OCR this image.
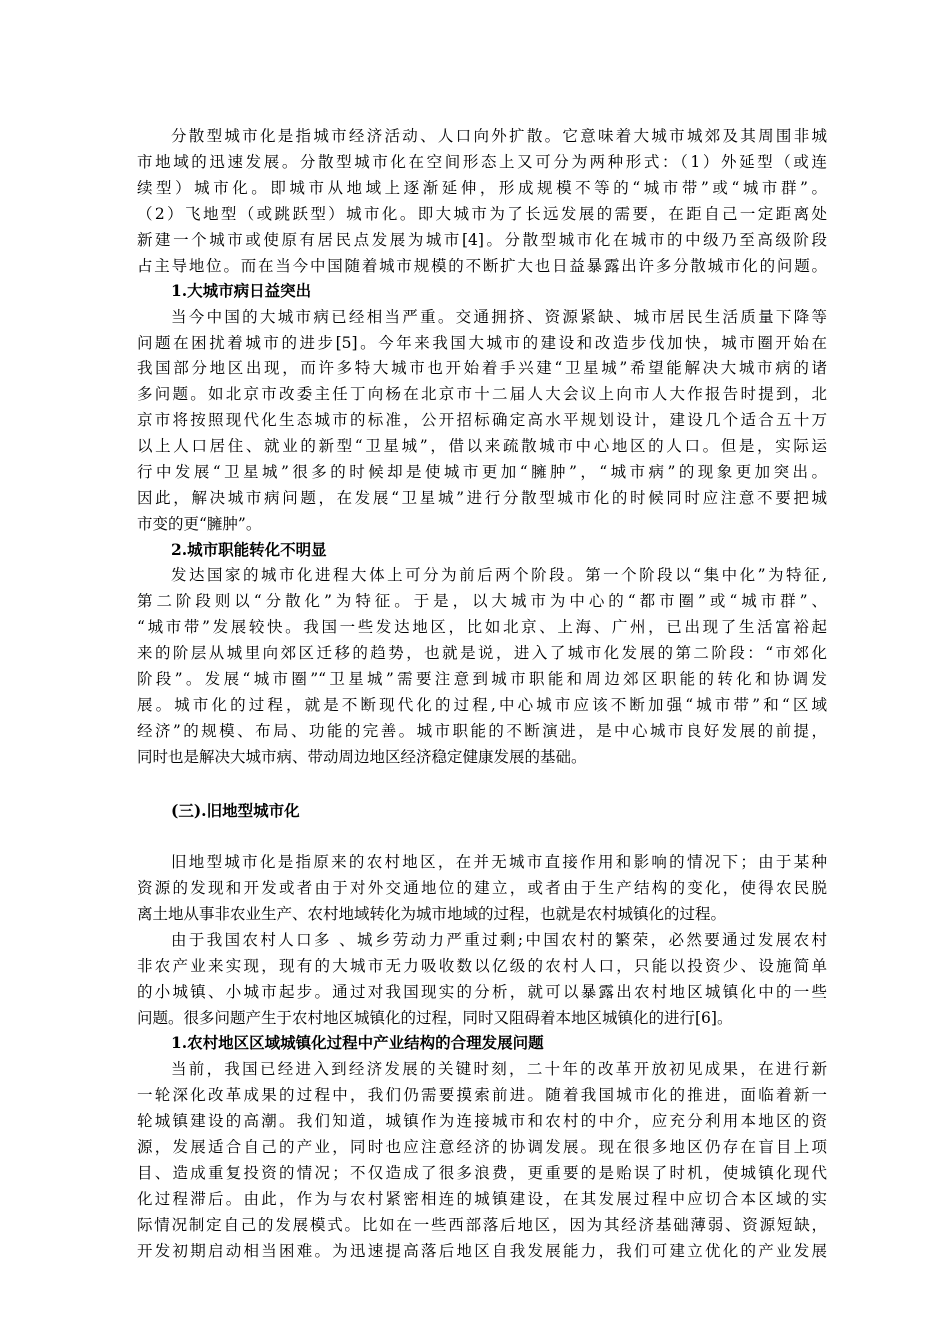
分散型城市化是指城市经济活动、人口向外扩散。它意味着大城市城郊及其周围非城
市地域的迅速发展。分散型城市化在空间形态上又可分为两种形式：（1）外延型（或连
续型）城市化。即城市从地域上逐渐延伸，形成规模不等的“城市带”或“城市群”。
（2）飞地型（或跳跃型）城市化。即大城市为了长远发展的需要，在距自己一定距离处
新建一个城市或使原有居民点发展为城市[4]。分散型城市化在城市的中级乃至高级阶段
占主导地位。而在当今中国随着城市规模的不断扩大也日益暴露出许多分散城市化的问题。
1.大城市病日益突出
当今中国的大城市病已经相当严重。交通拥挤、资源紧缺、城市居民生活质量下降等
问题在困扰着城市的进步[5]。今年来我国大城市的建设和改造步伐加快，城市圈开始在
我国部分地区出现，而许多特大城市也开始着手兴建“卫星城”希望能解决大城市病的诸
多问题。如北京市改委主任丁向杨在北京市十二届人大会议上向市人大作报告时提到，北
京市将按照现代化生态城市的标准，公开招标确定高水平规划设计，建设几个适合五十万
以上人口居住、就业的新型“卫星城”，借以来疏散城市中心地区的人口。但是，实际运
行中发展“卫星城”很多的时候却是使城市更加“臃肿”，“城市病”的现象更加突出。
因此，解决城市病问题，在发展“卫星城”进行分散型城市化的时候同时应注意不要把城
市变的更“臃肿”。
2.城市职能转化不明显
发达国家的城市化进程大体上可分为前后两个阶段。第一个阶段以“集中化”为特征,
第二阶段则以“分散化”为特征。于是，以大城市为中心的“都市圈”或“城市群”、
“城市带”发展较快。我国一些发达地区，比如北京、上海、广州，已出现了生活富裕起
来的阶层从城里向郊区迁移的趋势，也就是说，进入了城市化发展的第二阶段：“市郊化
阶段”。发展“城市圈”“卫星城”需要注意到城市职能和周边郊区职能的转化和协调发
展。城市化的过程，就是不断现代化的过程,中心城市应该不断加强“城市带”和“区域
经济”的规模、布局、功能的完善。城市职能的不断演进，是中心城市良好发展的前提，
同时也是解决大城市病、带动周边地区经济稳定健康发展的基础。
(三).旧地型城市化
旧地型城市化是指原来的农村地区，在并无城市直接作用和影响的情况下；由于某种
资源的发现和开发或者由于对外交通地位的建立，或者由于生产结构的变化，使得农民脱
离土地从事非农业生产、农村地域转化为城市地域的过程，也就是农村城镇化的过程。
由于我国农村人口多 、城乡劳动力严重过剩;中国农村的繁荣，必然要通过发展农村
非农产业来实现，现有的大城市无力吸收数以亿级的农村人口，只能以投资少、设施简单
的小城镇、小城市起步。通过对我国现实的分析，就可以暴露出农村地区城镇化中的一些
问题。很多问题产生于农村地区城镇化的过程，同时又阻碍着本地区城镇化的进行[6]。
1.农村地区区域城镇化过程中产业结构的合理发展问题
当前，我国已经进入到经济发展的关键时刻，二十年的改革开放初见成果，在进行新
一轮深化改革成果的过程中，我们仍需要摸索前进。随着我国城市化的推进，面临着新一
轮城镇建设的高潮。我们知道，城镇作为连接城市和农村的中介，应充分利用本地区的资
源，发展适合自己的产业，同时也应注意经济的协调发展。现在很多地区仍存在盲目上项
目、造成重复投资的情况；不仅造成了很多浪费，更重要的是贻误了时机，使城镇化现代
化过程滞后。由此，作为与农村紧密相连的城镇建设，在其发展过程中应切合本区域的实
际情况制定自己的发展模式。比如在一些西部落后地区，因为其经济基础薄弱、资源短缺，
开发初期启动相当困难。为迅速提高落后地区自我发展能力，我们可建立优化的产业发展
